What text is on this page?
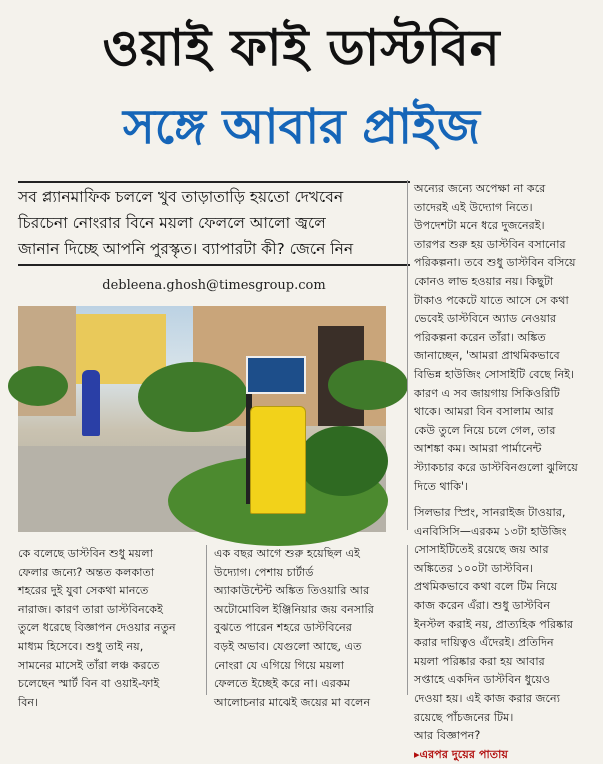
ওয়াই ফাই ডাস্টবিন
সঙ্গে আবার প্রাইজ
সব প্ল্যানমাফিক চললে খুব তাড়াতাড়ি হয়তো দেখবেন
চিরচেনা নোংরার বিনে ময়লা ফেললে আলো জ্বলে
জানান দিচ্ছে আপনি পুরস্কৃত। ব্যাপারটা কী? জেনে নিন
debleena.ghosh@timesgroup.com
অন্যের জন্যে অপেক্ষা না করে
তাদেরই এই উদ্যোগ নিতে।
উপদেশটা মনে ধরে দুজনেরই।
তারপর শুরু হয় ডাস্টবিন বসানোর
পরিকল্পনা। তবে শুধু ডাস্টবিন বসিয়ে
কোনও লাভ হওয়ার নয়। কিছুটা
টাকাও পকেটে যাতে আসে সে কথা
ভেবেই ডাস্টবিনে অ্যাড নেওয়ার
পরিকল্পনা করেন তাঁরা। অঙ্কিত
জানাচ্ছেন, 'আমরা প্রাথমিকভাবে
বিভিন্ন হাউজিং সোসাইটি বেছে নিই।
কারণ এ সব জায়গায় সিকিওরিটি
থাকে। আমরা বিন বসালাম আর
কেউ তুলে নিয়ে চলে গেল, তার
আশঙ্কা কম। আমরা পার্মানেন্ট
স্ট্যাকচার করে ডাস্টবিনগুলো ঝুলিয়ে
দিতে থাকি'।
সিলভার স্প্রিং, সানরাইজ টাওয়ার,
এনবিসিসি—এরকম ১৩টা হাউজিং
সোসাইটিতেই রয়েছে জয় আর
অঙ্কিতের ১০০টা ডাস্টবিন।
প্রথমিকভাবে কথা বলে টিম নিয়ে
কাজ করেন এঁরা। শুধু ডাস্টবিন
ইনস্টল করাই নয়, প্রাত্যহিক পরিষ্কার
করার দায়িত্বও এঁদেরই। প্রতিদিন
ময়লা পরিষ্কার করা হয় আবার
সপ্তাহে একদিন ডাস্টবিন ধুয়েও
দেওয়া হয়। এই কাজ করার জন্যে
রয়েছে পাঁচজনের টিম।
আর বিজ্ঞাপন?
▸এরপর দুয়ের পাতায়
কে বলেছে ডাস্টবিন শুধু ময়লা
ফেলার জন্যে? অন্তত কলকাতা
শহরের দুই যুবা সেকথা মানতে
নারাজ। কারণ তারা ডাস্টবিনকেই
তুলে ধরেছে বিজ্ঞাপন দেওয়ার নতুন
মাধ্যম হিসেবে। শুধু তাই নয়,
সামনের মাসেই তাঁরা লঞ্চ করতে
চলেছেন স্মার্ট বিন বা ওয়াই-ফাই
বিন।
এক বছর আগে শুরু হয়েছিল এই
উদ্যোগ। পেশায় চার্টার্ড
অ্যাকাউন্টেন্ট অঙ্কিত তিওয়ারি আর
অটোমোবিল ইঞ্জিনিয়ার জয় বনসারি
বুঝতে পারেন শহরে ডাস্টবিনের
বড়ই অভাব। যেগুলো আছে, এত
নোংরা যে এগিয়ে গিয়ে ময়লা
ফেলতে ইচ্ছেই করে না। এরকম
আলোচনার মাঝেই জয়ের মা বলেন
